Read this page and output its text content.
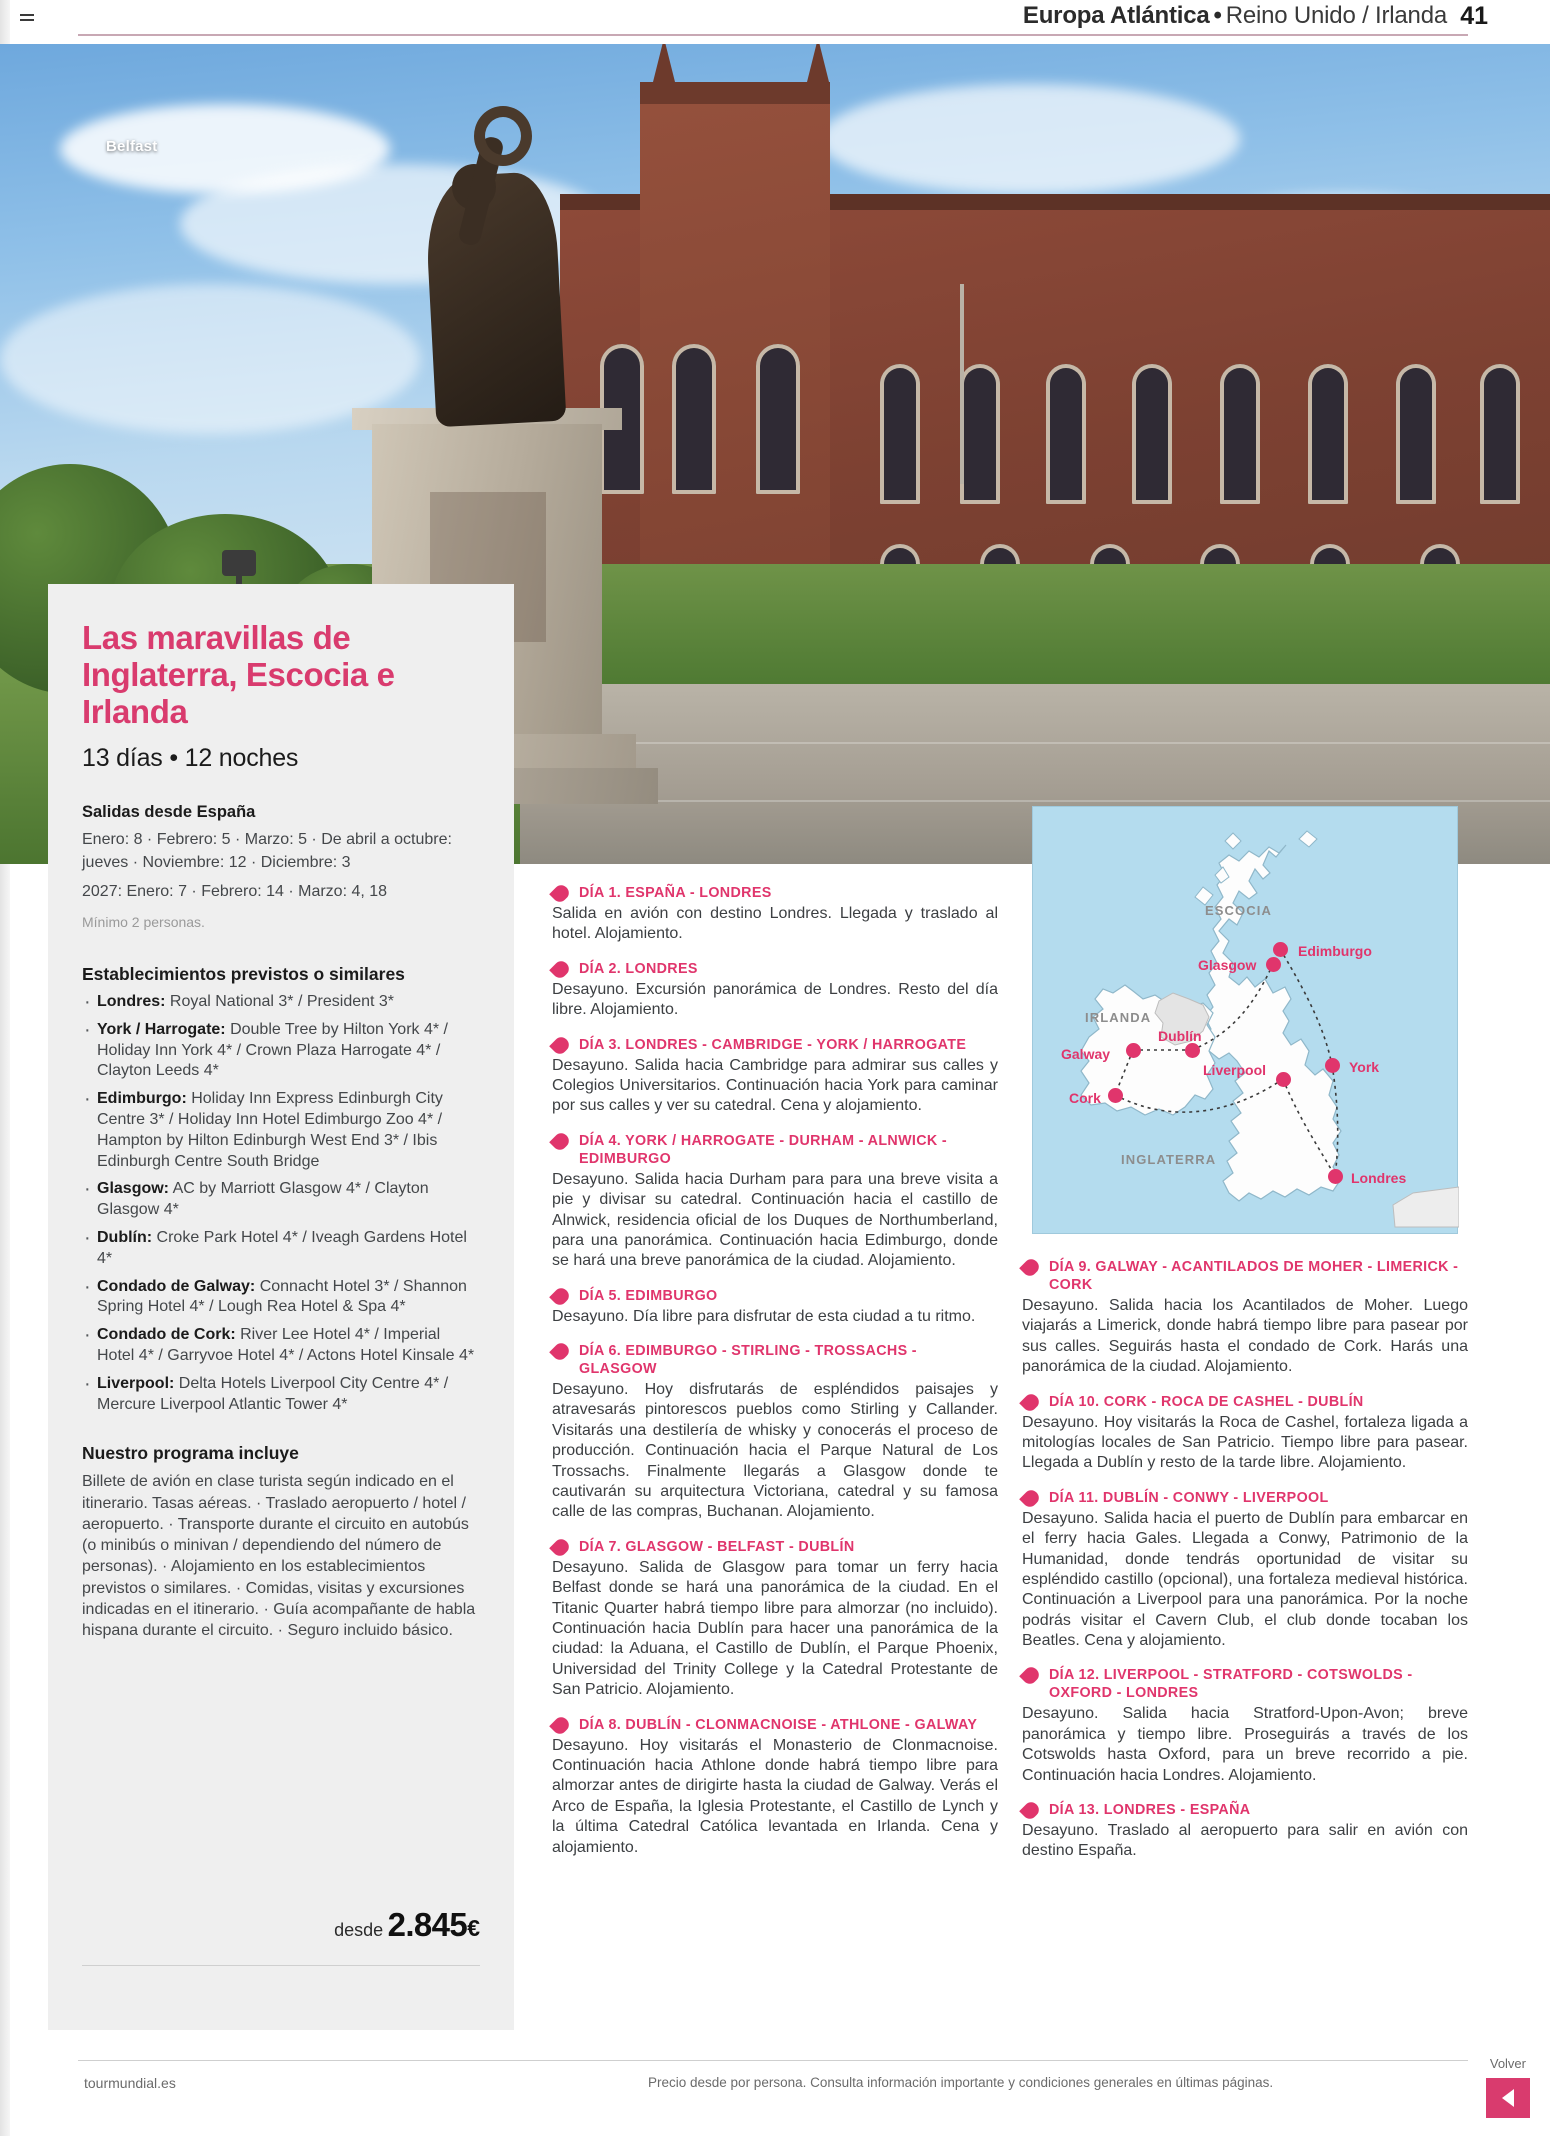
Europa Atlántica • Reino Unido / Irlanda 41
Belfast
Las maravillas de Inglaterra, Escocia e Irlanda
13 días • 12 noches
Salidas desde España
Enero: 8 · Febrero: 5 · Marzo: 5 · De abril a octubre: jueves · Noviembre: 12 · Diciembre: 3
2027: Enero: 7 · Febrero: 14 · Marzo: 4, 18
Mínimo 2 personas.
Establecimientos previstos o similares
· Londres: Royal National 3* / President 3*
· York / Harrogate: Double Tree by Hilton York 4* / Holiday Inn York 4* / Crown Plaza Harrogate 4* / Clayton Leeds 4*
· Edimburgo: Holiday Inn Express Edinburgh City Centre 3* / Holiday Inn Hotel Edimburgo Zoo 4* / Hampton by Hilton Edinburgh West End 3* / Ibis Edinburgh Centre South Bridge
· Glasgow: AC by Marriott Glasgow 4* / Clayton Glasgow 4*
· Dublín: Croke Park Hotel 4* / Iveagh Gardens Hotel 4*
· Condado de Galway: Connacht Hotel 3* / Shannon Spring Hotel 4* / Lough Rea Hotel & Spa 4*
· Condado de Cork: River Lee Hotel 4* / Imperial Hotel 4* / Garryvoe Hotel 4* / Actons Hotel Kinsale 4*
· Liverpool: Delta Hotels Liverpool City Centre 4* / Mercure Liverpool Atlantic Tower 4*
Nuestro programa incluye
Billete de avión en clase turista según indicado en el itinerario. Tasas aéreas. · Traslado aeropuerto / hotel / aeropuerto. · Transporte durante el circuito en autobús (o minibús o minivan / dependiendo del número de personas). · Alojamiento en los establecimientos previstos o similares. · Comidas, visitas y excursiones indicadas en el itinerario. · Guía acompañante de habla hispana durante el circuito. · Seguro incluido básico.
desde 2.845€
DÍA 1. ESPAÑA - LONDRES
Salida en avión con destino Londres. Llegada y traslado al hotel. Alojamiento.
DÍA 2. LONDRES
Desayuno. Excursión panorámica de Londres. Resto del día libre. Alojamiento.
DÍA 3. LONDRES - CAMBRIDGE - YORK / HARROGATE
Desayuno. Salida hacia Cambridge para admirar sus calles y Colegios Universitarios. Continuación hacia York para caminar por sus calles y ver su catedral. Cena y alojamiento.
DÍA 4. YORK / HARROGATE - DURHAM - ALNWICK - EDIMBURGO
Desayuno. Salida hacia Durham para para una breve visita a pie y divisar su catedral. Continuación hacia el castillo de Alnwick, residencia oficial de los Duques de Northumberland, para una panorámica. Continuación hacia Edimburgo, donde se hará una breve panorámica de la ciudad. Alojamiento.
DÍA 5. EDIMBURGO
Desayuno. Día libre para disfrutar de esta ciudad a tu ritmo.
DÍA 6. EDIMBURGO - STIRLING - TROSSACHS - GLASGOW
Desayuno. Hoy disfrutarás de espléndidos paisajes y atravesarás pintorescos pueblos como Stirling y Callander. Visitarás una destilería de whisky y conocerás el proceso de producción. Continuación hacia el Parque Natural de Los Trossachs. Finalmente llegarás a Glasgow donde te cautivarán su arquitectura Victoriana, catedral y su famosa calle de las compras, Buchanan. Alojamiento.
DÍA 7. GLASGOW - BELFAST - DUBLÍN
Desayuno. Salida de Glasgow para tomar un ferry hacia Belfast donde se hará una panorámica de la ciudad. En el Titanic Quarter habrá tiempo libre para almorzar (no incluido). Continuación hacia Dublín para hacer una panorámica de la ciudad: la Aduana, el Castillo de Dublín, el Parque Phoenix, Universidad del Trinity College y la Catedral Protestante de San Patricio. Alojamiento.
DÍA 8. DUBLÍN - CLONMACNOISE - ATHLONE - GALWAY
Desayuno. Hoy visitarás el Monasterio de Clonmacnoise. Continuación hacia Athlone donde habrá tiempo libre para almorzar antes de dirigirte hasta la ciudad de Galway. Verás el Arco de España, la Iglesia Protestante, el Castillo de Lynch y la última Catedral Católica levantada en Irlanda. Cena y alojamiento.
DÍA 9. GALWAY - ACANTILADOS DE MOHER - LIMERICK - CORK
Desayuno. Salida hacia los Acantilados de Moher. Luego viajarás a Limerick, donde habrá tiempo libre para pasear por sus calles. Seguirás hasta el condado de Cork. Harás una panorámica de la ciudad. Alojamiento.
DÍA 10. CORK - ROCA DE CASHEL - DUBLÍN
Desayuno. Hoy visitarás la Roca de Cashel, fortaleza ligada a mitologías locales de San Patricio. Tiempo libre para pasear. Llegada a Dublín y resto de la tarde libre. Alojamiento.
DÍA 11. DUBLÍN - CONWY - LIVERPOOL
Desayuno. Salida hacia el puerto de Dublín para embarcar en el ferry hacia Gales. Llegada a Conwy, Patrimonio de la Humanidad, donde tendrás oportunidad de visitar su espléndido castillo (opcional), una fortaleza medieval histórica. Continuación a Liverpool para una panorámica. Por la noche podrás visitar el Cavern Club, el club donde tocaban los Beatles. Cena y alojamiento.
DÍA 12. LIVERPOOL - STRATFORD - COTSWOLDS - OXFORD - LONDRES
Desayuno. Salida hacia Stratford-Upon-Avon; breve panorámica y tiempo libre. Proseguirás a través de los Cotswolds hasta Oxford, para un breve recorrido a pie. Continuación hacia Londres. Alojamiento.
DÍA 13. LONDRES - ESPAÑA
Desayuno. Traslado al aeropuerto para salir en avión con destino España.
ESCOCIA
IRLANDA
INGLATERRA
Edimburgo
Glasgow
Dublín
Galway
Cork
Liverpool	York
Londres
tourmundial.es	Precio desde por persona. Consulta información importante y condiciones generales en últimas páginas.
Volver
